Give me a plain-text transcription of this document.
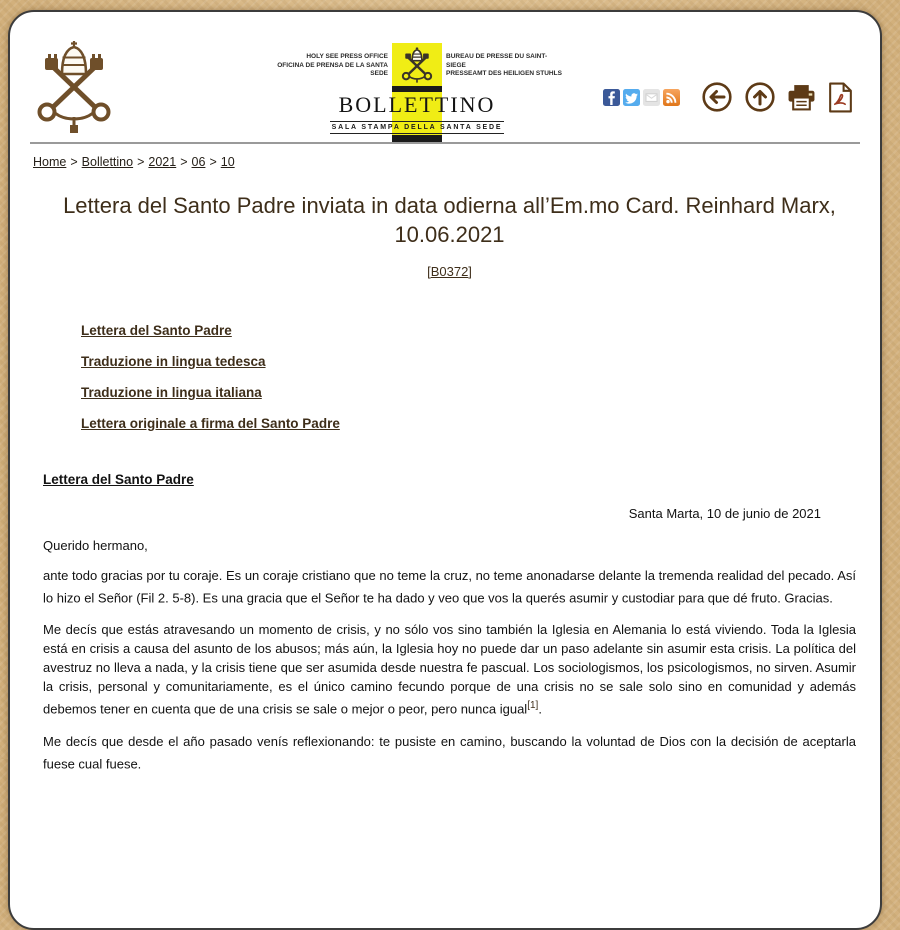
HOLY SEE PRESS OFFICE
OFICINA DE PRENSA DE LA SANTA SEDE
BUREAU DE PRESSE DU SAINT-SIEGE
PRESSEAMT DES HEILIGEN STUHLS
BOLLETTINO
SALA STAMPA DELLA SANTA SEDE
Home > Bollettino > 2021 > 06 > 10
Lettera del Santo Padre inviata in data odierna all’Em.mo Card. Reinhard Marx,
10.06.2021
[B0372]
Lettera del Santo Padre
Traduzione in lingua tedesca
Traduzione in lingua italiana
Lettera originale a firma del Santo Padre
Lettera del Santo Padre
Santa Marta, 10 de junio de 2021
Querido hermano,

ante todo gracias por tu coraje. Es un coraje cristiano que no teme la cruz, no teme anonadarse delante la tremenda realidad del pecado. Así lo hizo el Señor (Fil 2. 5-8). Es una gracia que el Señor te ha dado y veo que vos la querés asumir y custodiar para que dé fruto. Gracias.

Me decís que estás atravesando un momento de crisis, y no sólo vos sino también la Iglesia en Alemania lo está viviendo. Toda la Iglesia está en crisis a causa del asunto de los abusos; más aún, la Iglesia hoy no puede dar un paso adelante sin asumir esta crisis. La política del avestruz no lleva a nada, y la crisis tiene que ser asumida desde nuestra fe pascual. Los sociologismos, los psicologismos, no sirven. Asumir la crisis, personal y comunitariamente, es el único camino fecundo porque de una crisis no se sale solo sino en comunidad y además debemos tener en cuenta que de una crisis se sale o mejor o peor, pero nunca igual[1].

Me decís que desde el año pasado venís reflexionando: te pusiste en camino, buscando la voluntad de Dios con la decisión de aceptarla fuese cual fuese.
